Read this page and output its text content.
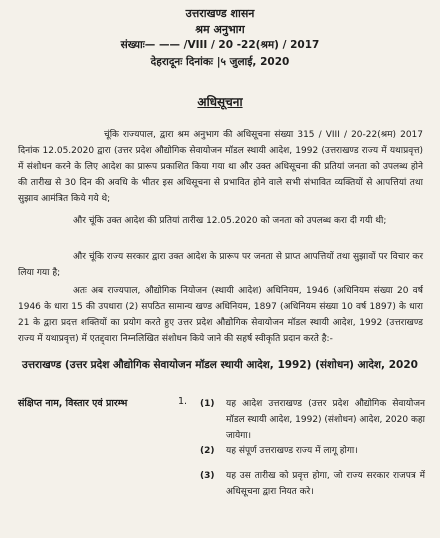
उत्तराखण्ड शासन
श्रम अनुभाग
संख्याः— —— /VIII / 20 -22(श्रम) / 2017
देहरादूनः दिनांकः |५ जुलाई, 2020
अधिसूचना
चूंकि राज्यपाल, द्वारा श्रम अनुभाग की अधिसूचना संख्या 315 / VIII / 20-22(श्रम) 2017 दिनांक 12.05.2020 द्वारा (उत्तर प्रदेश औद्योगिक सेवायोजन मॉडल स्थायी आदेश, 1992 (उत्तराखण्ड राज्य में यथाप्रवृत्त) में संशोधन करने के लिए आदेश का प्रारूप प्रकाशित किया गया था और उक्त अधिसूचना की प्रतियां जनता को उपलब्ध होने की तारीख से 30 दिन की अवधि के भीतर इस अधिसूचना से प्रभावित होने वाले सभी संभावित व्यक्तियों से आपत्तियां तथा सुझाव आमंत्रित किये गये थे;
और चूंकि उक्त आदेश की प्रतियां तारीख 12.05.2020 को जनता को उपलब्ध करा दी गयी थी;
और चूंकि राज्य सरकार द्वारा उक्त आदेश के प्रारूप पर जनता से प्राप्त आपत्तियों तथा सुझावों पर विचार कर लिया गया है;
अतः अब राज्यपाल, औद्योगिक नियोजन (स्थायी आदेश) अधिनियम, 1946 (अधिनियम संख्या 20 वर्ष 1946 के धारा 15 की उपधारा (2) सपठित सामान्य खण्ड अधिनियम, 1897 (अधिनियम संख्या 10 वर्ष 1897) के धारा 21 के द्वारा प्रदत्त शक्तियों का प्रयोग करते हुए उत्तर प्रदेश औद्योगिक सेवायोजन मॉडल स्थायी आदेश, 1992 (उत्तराखण्ड राज्य में यथाप्रवृत्त) में एतद्द्वारा निम्नलिखित संशोधन किये जाने की सहर्ष स्वीकृति प्रदान करते है:-
उत्तराखण्ड (उत्तर प्रदेश औद्योगिक सेवायोजन मॉडल स्थायी आदेश, 1992) (संशोधन) आदेश, 2020
संक्षिप्त नाम, विस्तार एवं प्रारम्भ	1. (1) यह आदेश उत्तराखण्ड (उत्तर प्रदेश औद्योगिक सेवायोजन मॉडल स्थायी आदेश, 1992) (संशोधन) आदेश, 2020 कहा जायेगा।
(2) यह संपूर्ण उत्तराखण्ड राज्य में लागू होगा।
(3) यह उस तारीख को प्रवृत्त होगा, जो राज्य सरकार राजपत्र में अधिसूचना द्वारा नियत करे।
